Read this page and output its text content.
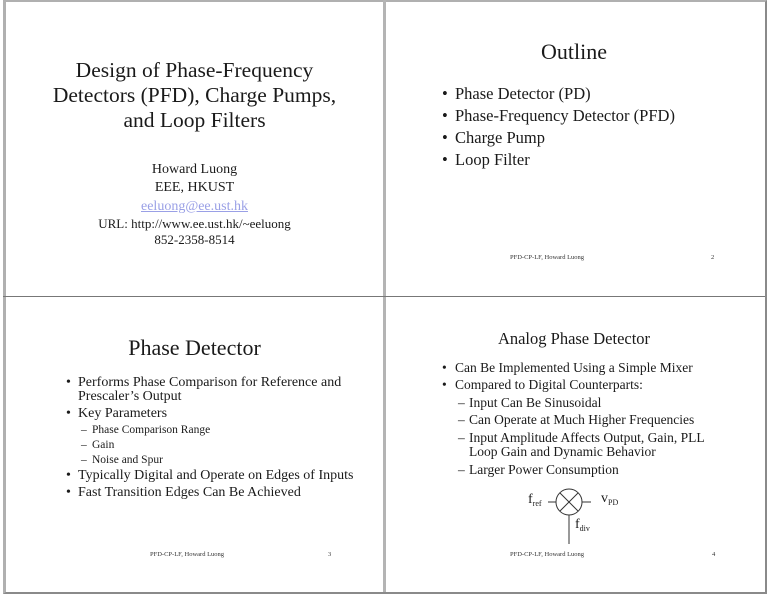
Design of Phase-Frequency
Detectors (PFD), Charge Pumps,
and Loop Filters
Howard Luong
EEE, HKUST
eeluong@ee.ust.hk
URL: http://www.ee.ust.hk/~eeluong
852-2358-8514
Outline
• Phase Detector (PD)
• Phase-Frequency Detector (PFD)
• Charge Pump
• Loop Filter
PFD-CP-LF, Howard Luong	2
Phase Detector
• Performs Phase Comparison for Reference and
Prescaler’s Output
• Key Parameters
– Phase Comparison Range
– Gain
– Noise and Spur
• Typically Digital and Operate on Edges of Inputs
• Fast Transition Edges Can Be Achieved
PFD-CP-LF, Howard Luong	3
Analog Phase Detector
• Can Be Implemented Using a Simple Mixer
• Compared to Digital Counterparts:
– Input Can Be Sinusoidal
– Can Operate at Much Higher Frequencies
– Input Amplitude Affects Output, Gain, PLL
Loop Gain and Dynamic Behavior
– Larger Power Consumption
$f_{ref}$	$v_{PD}$
$f_{div}$
PFD-CP-LF, Howard Luong	4
